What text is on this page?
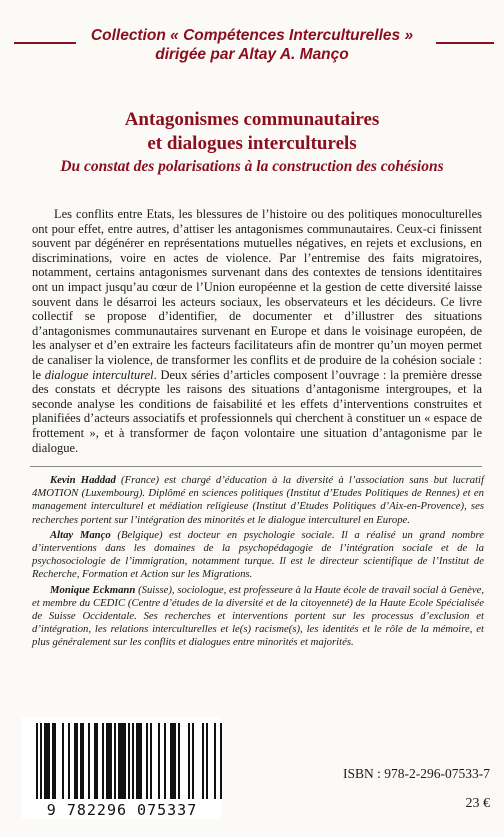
Collection « Compétences Interculturelles »
dirigée par Altay A. Manço
Antagonismes communautaires
et dialogues interculturels
Du constat des polarisations à la construction des cohésions

Les conflits entre Etats, les blessures de l’histoire ou des politiques monoculturelles ont pour effet, entre autres, d’attiser les antagonismes communautaires. Ceux-ci finissent souvent par dégénérer en représentations mutuelles négatives, en rejets et exclusions, en discriminations, voire en actes de violence. Par l’entremise des faits migratoires, notamment, certains antagonismes survenant dans des contextes de tensions identitaires ont un impact jusqu’au cœur de l’Union européenne et la gestion de cette diversité laisse souvent dans le désarroi les acteurs sociaux, les observateurs et les décideurs. Ce livre collectif se propose d’identifier, de documenter et d’illustrer des situations d’antagonismes communautaires survenant en Europe et dans le voisinage européen, de les analyser et d’en extraire les facteurs facilitateurs afin de montrer qu’un moyen permet de canaliser la violence, de transformer les conflits et de produire de la cohésion sociale : le dialogue interculturel. Deux séries d’articles composent l’ouvrage : la première dresse des constats et décrypte les raisons des situations d’antagonisme intergroupes, et la seconde analyse les conditions de faisabilité et les effets d’interventions construites et planifiées d’acteurs associatifs et professionnels qui cherchent à constituer un « espace de frottement », et à transformer de façon volontaire une situation d’antagonisme par le dialogue.

Kevin Haddad (France) est chargé d’éducation à la diversité à l’association sans but lucratif 4MOTION (Luxembourg). Diplômé en sciences politiques (Institut d’Etudes Politiques de Rennes) et en management interculturel et médiation religieuse (Institut d’Etudes Politiques d’Aix-en-Provence), ses recherches portent sur l’intégration des minorités et le dialogue interculturel en Europe.

Altay Manço (Belgique) est docteur en psychologie sociale. Il a réalisé un grand nombre d’interventions dans les domaines de la psychopédagogie de l’intégration sociale et de la psychosociologie de l’immigration, notamment turque. Il est le directeur scientifique de l’Institut de Recherche, Formation et Action sur les Migrations.

Monique Eckmann (Suisse), sociologue, est professeure à la Haute école de travail social à Genève, et membre du CEDIC (Centre d’études de la diversité et de la citoyenneté) de la Haute Ecole Spécialisée de Suisse Occidentale. Ses recherches et interventions portent sur les processus d’exclusion et d’intégration, les relations interculturelles et le(s) racisme(s), les identités et le rôle de la mémoire, et plus généralement sur les conflits et dialogues entre minorités et majorités.

9 782296 075337
ISBN : 978-2-296-07533-7
23 €
